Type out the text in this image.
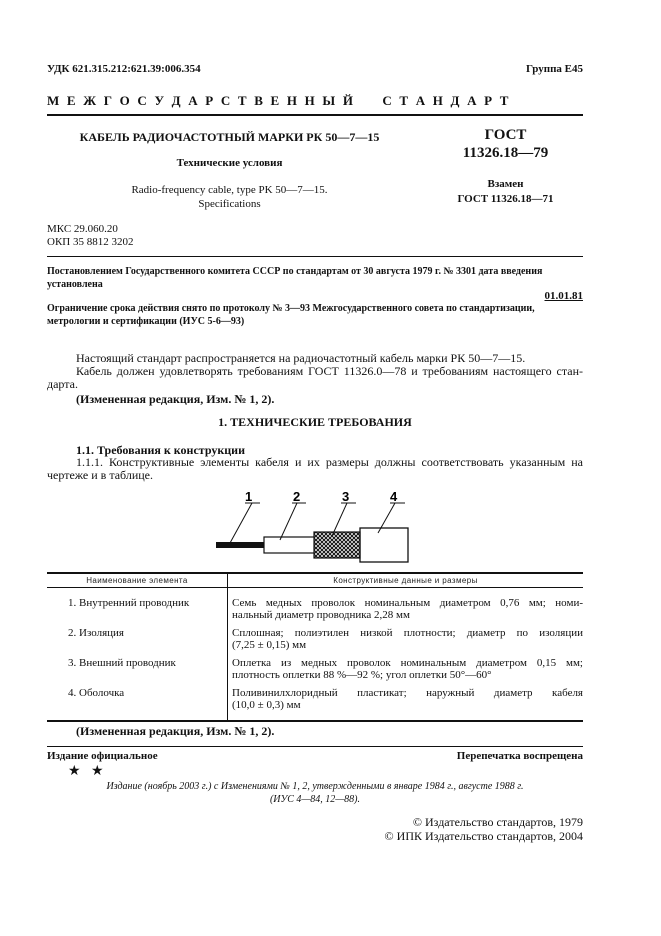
УДК 621.315.212:621.39:006.354	Группа Е45
М Е Ж Г О С У Д А Р С Т В Е Н Н Ы Й     С Т А Н Д А Р Т
КАБЕЛЬ РАДИОЧАСТОТНЫЙ МАРКИ РК 50—7—15
Технические условия
Radio-frequency cable, type PK 50—7—15.
Specifications
ГОСТ
11326.18—79
Взамен
ГОСТ 11326.18—71
МКС 29.060.20
ОКП 35 8812 3202
Постановлением Государственного комитета СССР по стандартам от 30 августа 1979 г. № 3301 дата введения
установлена
01.01.81
Ограничение срока действия снято по протоколу № 3—93 Межгосударственного совета по стандартизации,
метрологии и сертификации (ИУС 5-6—93)
Настоящий стандарт распространяется на радиочастотный кабель марки РК 50—7—15.
Кабель должен удовлетворять требованиям ГОСТ 11326.0—78 и требованиям настоящего стан-
дарта.
(Измененная редакция, Изм. № 1, 2).
1. ТЕХНИЧЕСКИЕ ТРЕБОВАНИЯ
1.1. Требования к конструкции
1.1.1. Конструктивные элементы кабеля и их размеры должны соответствовать указанным на
чертеже и в таблице.
1	2	3	4
Наименование элемента	Конструктивные данные и размеры
1. Внутренний проводник	Семь медных проволок номинальным диаметром 0,76 мм; номи-
нальный диаметр проводника 2,28 мм
2. Изоляция	Сплошная; полиэтилен низкой плотности; диаметр по изоляции
(7,25 ± 0,15) мм
3. Внешний проводник	Оплетка из медных проволок номинальным диаметром 0,15 мм;
плотность оплетки 88 %—92 %; угол оплетки 50°—60°
4. Оболочка	Поливинилхлоридный пластикат; наружный диаметр кабеля
(10,0 ± 0,3) мм
(Измененная редакция, Изм. № 1, 2).
Издание официальное	Перепечатка воспрещена
★ ★
Издание (ноябрь 2003 г.) с Изменениями № 1, 2, утвержденными в январе 1984 г., августе 1988 г.
(ИУС 4—84, 12—88).
© Издательство стандартов, 1979
© ИПК Издательство стандартов, 2004
